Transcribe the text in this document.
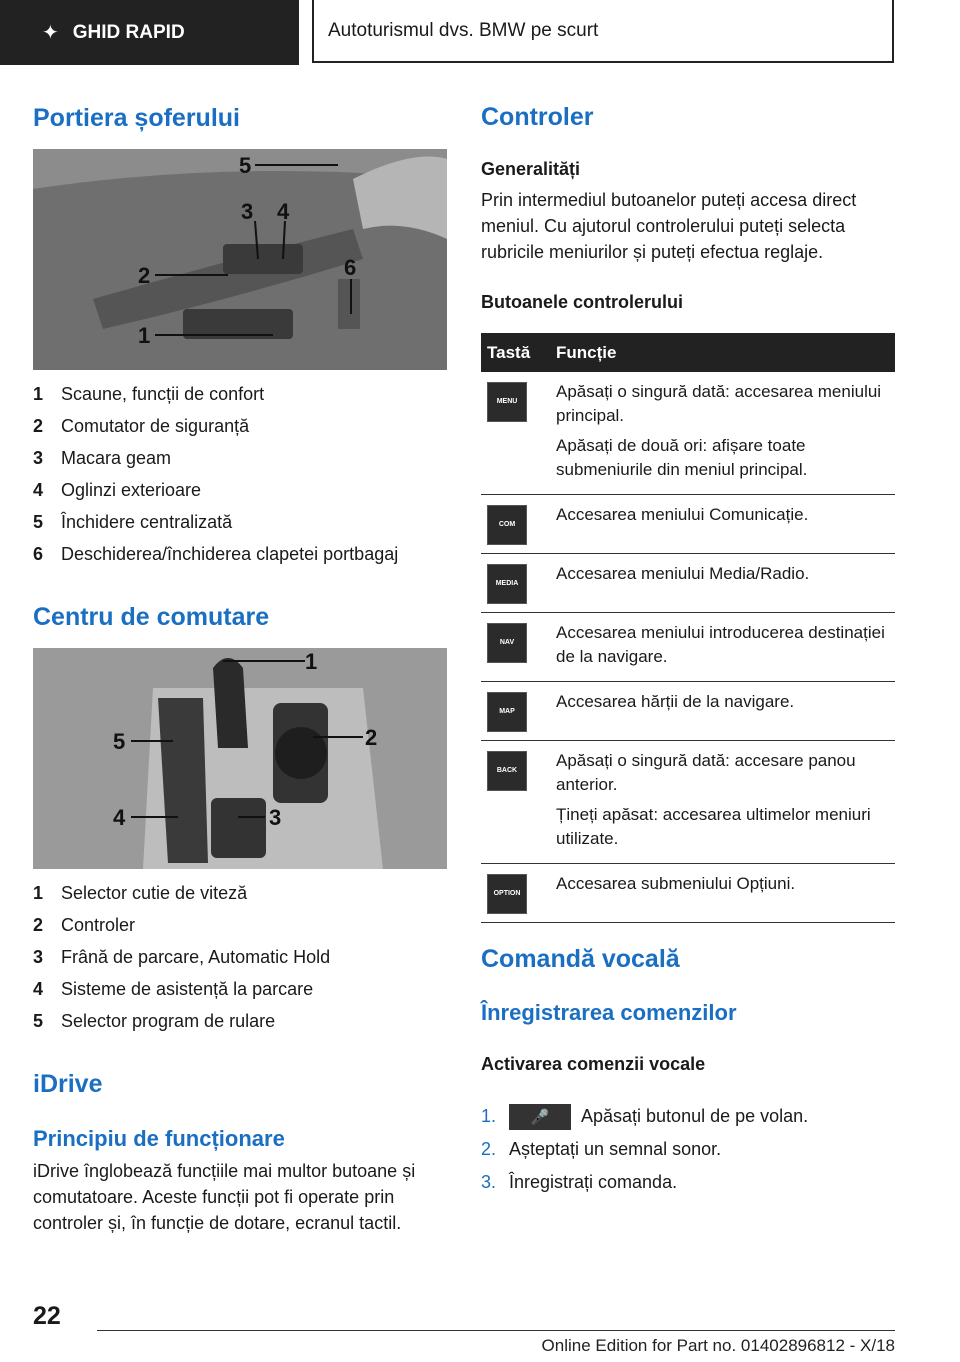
✦ GHID RAPID	Autoturismul dvs. BMW pe scurt
Portiera șoferului
5
3 4
2	6
1
1 Scaune, funcții de confort
2 Comutator de siguranță
3 Macara geam
4 Oglinzi exterioare
5 Închidere centralizată
6 Deschiderea/închiderea clapetei portbagaj
Centru de comutare
1
2
5
4	3
1 Selector cutie de viteză
2 Controler
3 Frână de parcare, Automatic Hold
4 Sisteme de asistență la parcare
5 Selector program de rulare
iDrive
Principiu de funcționare

iDrive înglobează funcțiile mai multor butoane și comutatoare. Aceste funcții pot fi operate prin controler și, în funcție de dotare, ecranul tactil.

Controler
Generalități

Prin intermediul butoanelor puteți accesa direct meniul. Cu ajutorul controlerului puteți selecta rubricile meniurilor și puteți efectua reglaje.

Butoanele controlerului
Tastă	Funcție

MENU	Apăsați o singură dată: accesarea meniului principal.

Apăsați de două ori: afișare toate submeniurile din meniul principal.

COM	Accesarea meniului Comunicație.

MEDIA	Accesarea meniului Media/Radio.

NAV	Accesarea meniului introducerea destinației de la navigare.

MAP	Accesarea hărții de la navigare.

BACK	Apăsați o singură dată: accesare panou anterior.

Țineți apăsat: accesarea ultimelor meniuri utilizate.

OPTION	Accesarea submeniului Opțiuni.

Comandă vocală
Înregistrarea comenzilor
Activarea comenzii vocale
1.	🎤	Apăsați butonul de pe volan.
2. Așteptați un semnal sonor.
3. Înregistrați comanda.
22
Online Edition for Part no. 01402896812 - X/18
